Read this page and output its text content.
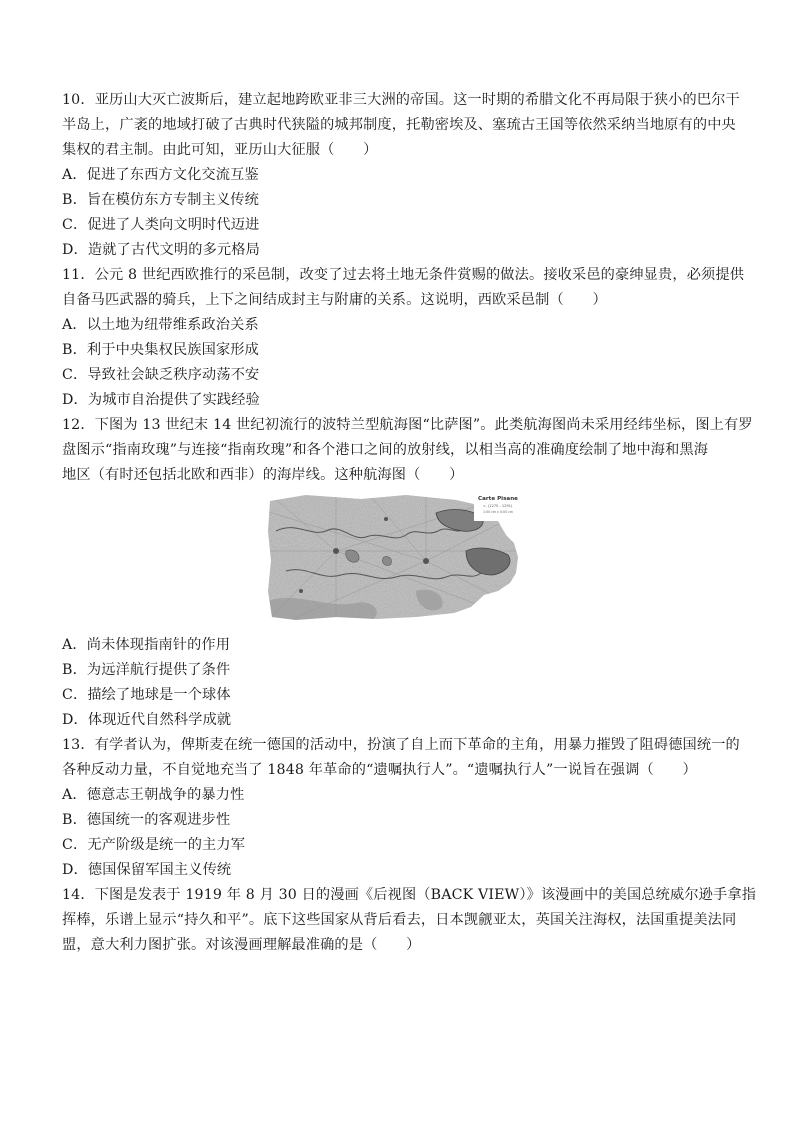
10．亚历山大灭亡波斯后，建立起地跨欧亚非三大洲的帝国。这一时期的希腊文化不再局限于狭小的巴尔干
半岛上，广袤的地域打破了古典时代狭隘的城邦制度，托勒密埃及、塞琉古王国等依然采纳当地原有的中央
集权的君主制。由此可知，亚历山大征服（　　）
A．促进了东西方文化交流互鉴
B．旨在模仿东方专制主义传统
C．促进了人类向文明时代迈进
D．造就了古代文明的多元格局
11．公元 8 世纪西欧推行的采邑制，改变了过去将土地无条件赏赐的做法。接收采邑的豪绅显贵，必须提供
自备马匹武器的骑兵，上下之间结成封主与附庸的关系。这说明，西欧采邑制（　　）
A．以土地为纽带维系政治关系
B．利于中央集权民族国家形成
C．导致社会缺乏秩序动荡不安
D．为城市自治提供了实践经验
12．下图为 13 世纪末 14 世纪初流行的波特兰型航海图“比萨图”。此类航海图尚未采用经纬坐标，图上有罗
盘图示“指南玫瑰”与连接“指南玫瑰”和各个港口之间的放射线，以相当高的准确度绘制了地中海和黑海
地区（有时还包括北欧和西非）的海岸线。这种航海图（　　）
Carte Pisane
c. (1275 - 1291)
1:00 cm x 0:00 cm
A．尚未体现指南针的作用
B．为远洋航行提供了条件
C．描绘了地球是一个球体
D．体现近代自然科学成就
13．有学者认为，俾斯麦在统一德国的活动中，扮演了自上而下革命的主角，用暴力摧毁了阻碍德国统一的
各种反动力量，不自觉地充当了 1848 年革命的“遗嘱执行人”。“遗嘱执行人”一说旨在强调（　　）
A．德意志王朝战争的暴力性
B．德国统一的客观进步性
C．无产阶级是统一的主力军
D．德国保留军国主义传统
14．下图是发表于 1919 年 8 月 30 日的漫画《后视图（BACK VIEW）》该漫画中的美国总统威尔逊手拿指
挥棒，乐谱上显示“持久和平”。底下这些国家从背后看去，日本觊觎亚太，英国关注海权，法国重提美法同
盟，意大利力图扩张。对该漫画理解最准确的是（　　）
